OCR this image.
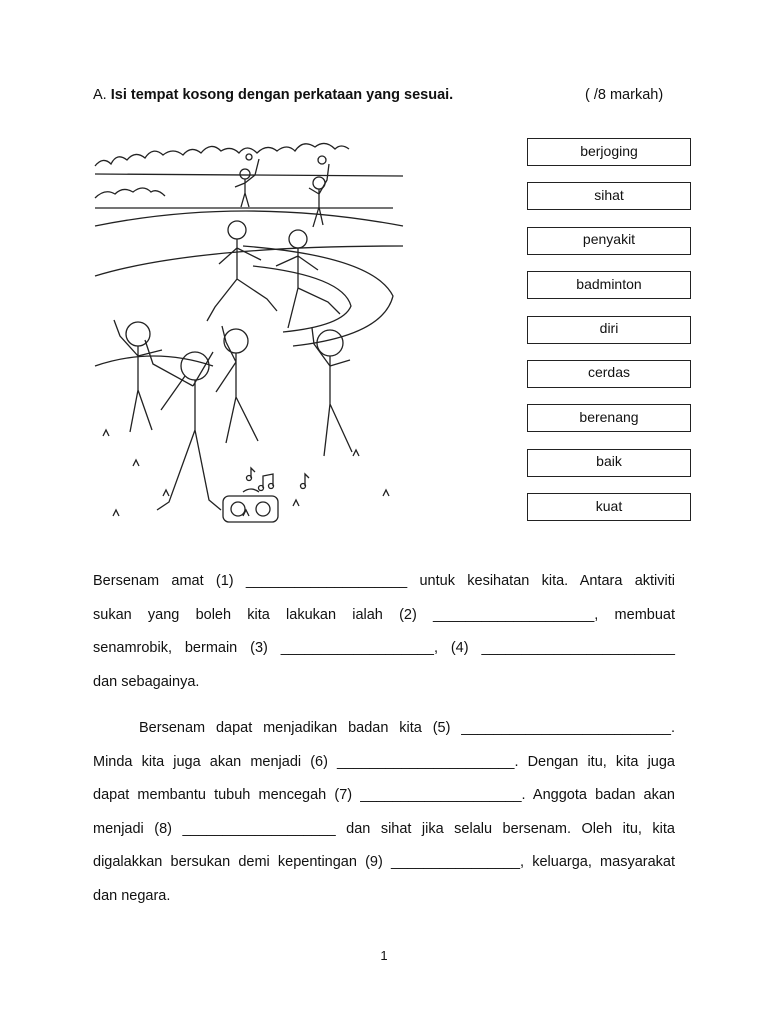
A. Isi tempat kosong dengan perkataan yang sesuai.	( /8 markah)
berjoging
sihat
penyakit
badminton
diri
cerdas
berenang
baik
kuat
Bersenam amat (1) ____________________ untuk kesihatan kita. Antara aktiviti
sukan yang boleh kita lakukan ialah (2) ____________________, membuat
senamrobik, bermain (3) ___________________, (4) ________________________
dan sebagainya.
Bersenam dapat menjadikan badan kita (5) __________________________.
Minda kita juga akan menjadi (6) ______________________. Dengan itu, kita juga
dapat membantu tubuh mencegah (7) ____________________. Anggota badan akan
menjadi (8) ___________________ dan sihat jika selalu bersenam. Oleh itu, kita
digalakkan bersukan demi kepentingan (9) ________________, keluarga, masyarakat
dan negara.
1
